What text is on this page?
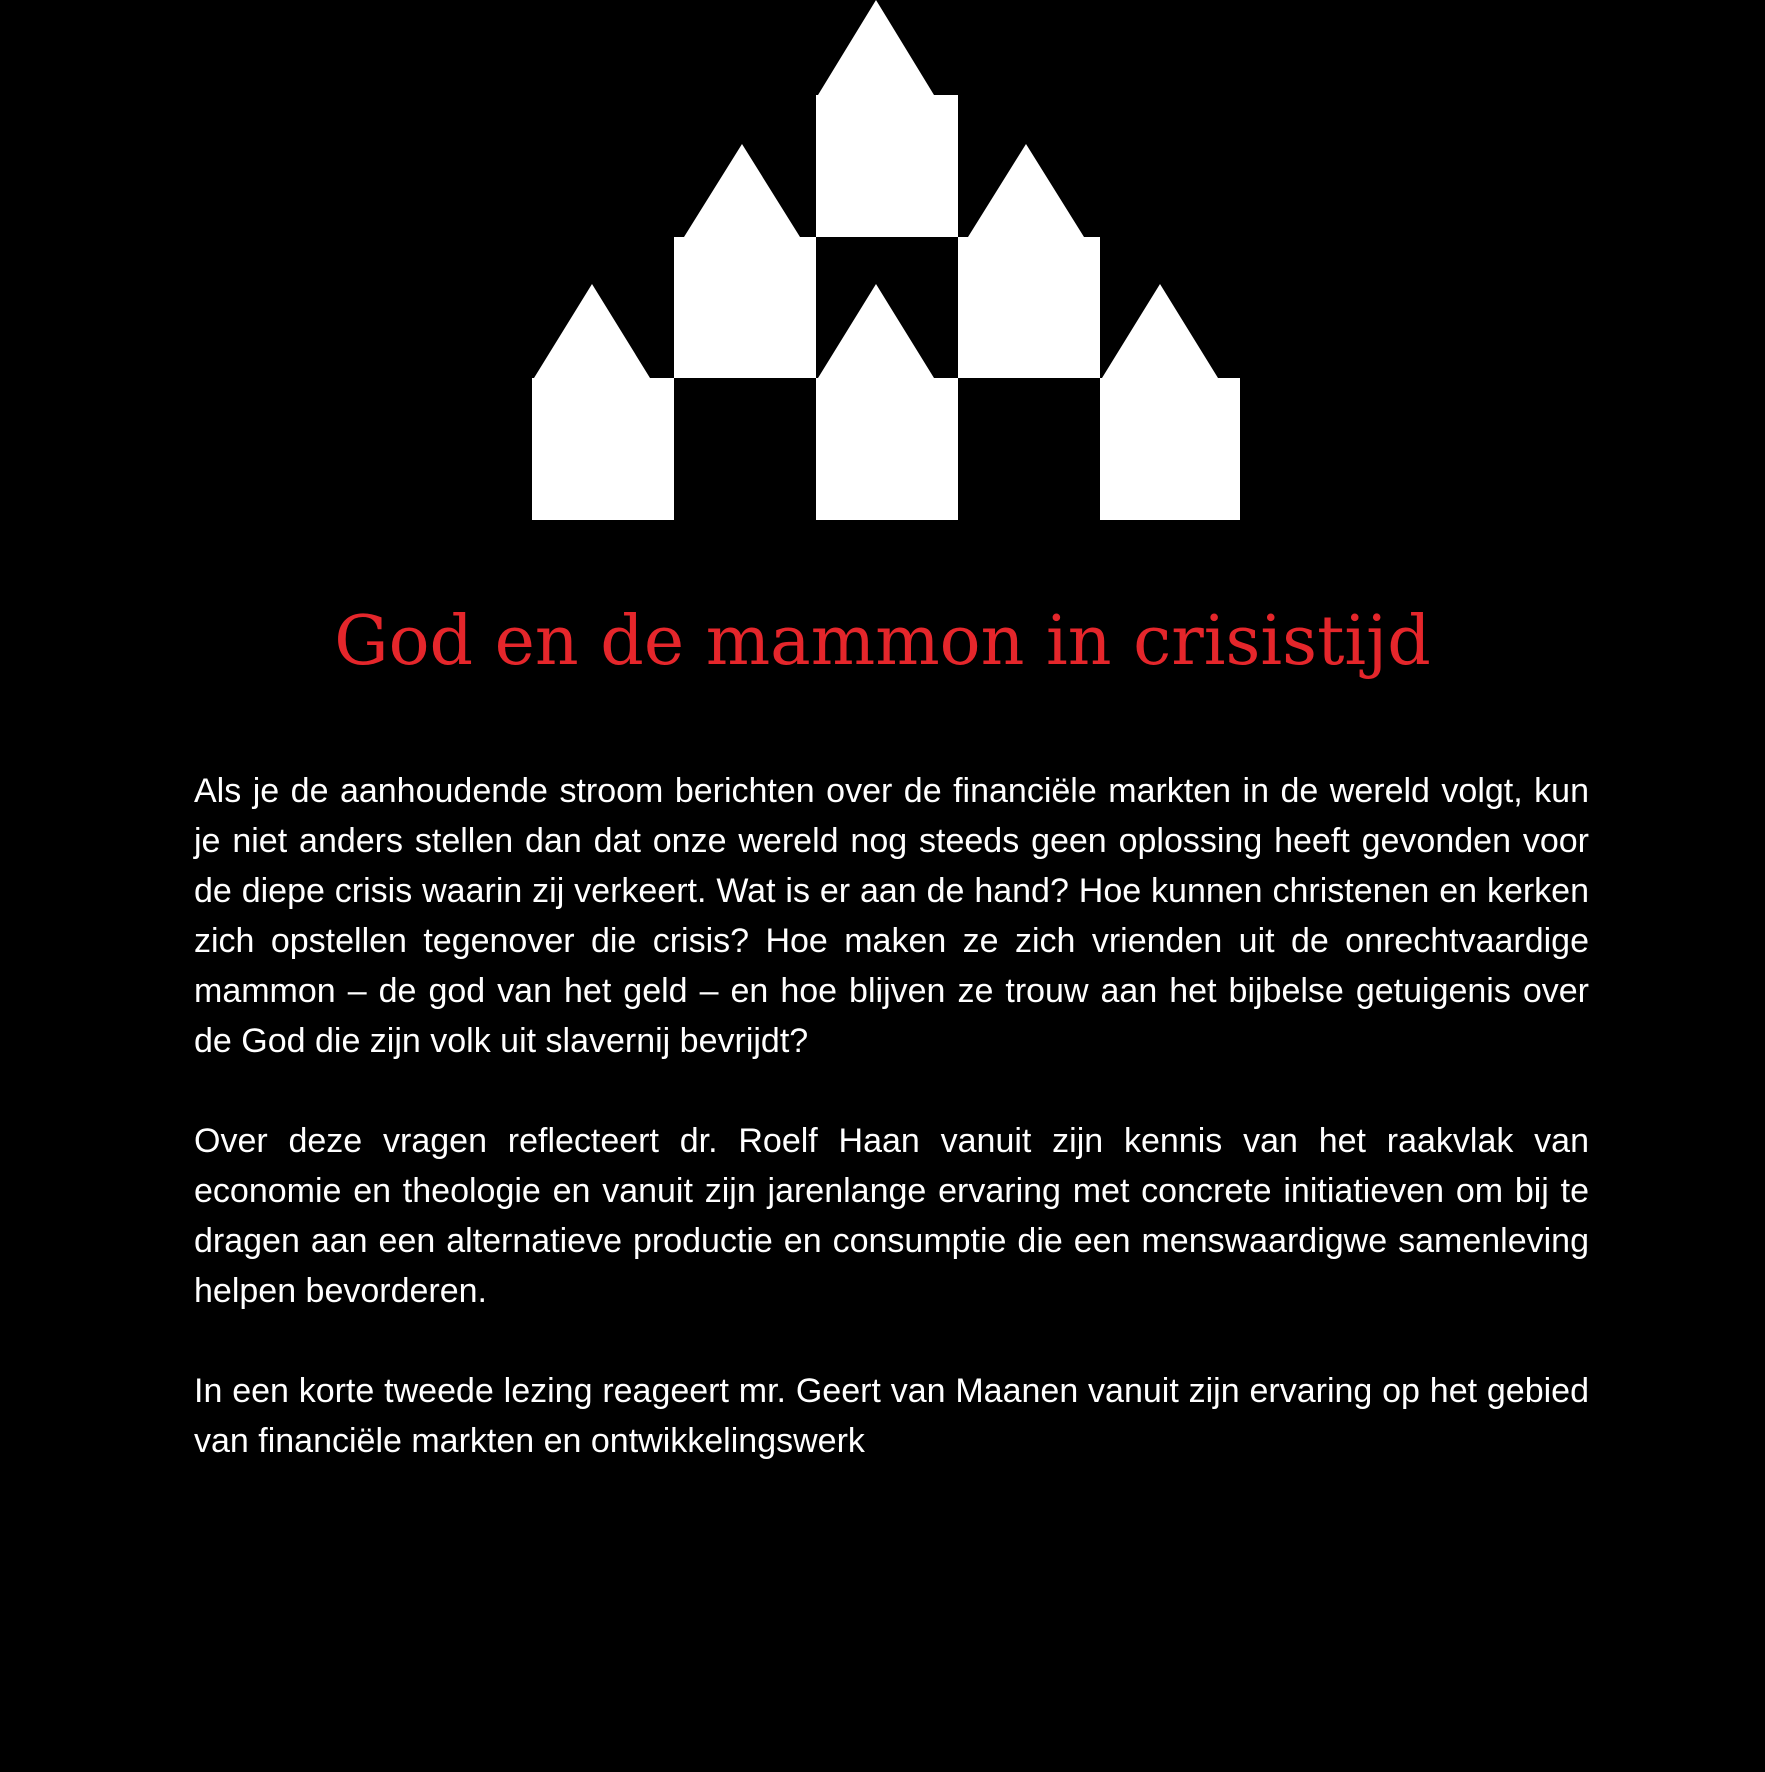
God en de mammon in crisistijd

Als je de aanhoudende stroom berichten over de financiële markten in de wereld volgt, kun je niet anders stellen dan dat onze wereld nog steeds geen oplossing heeft gevonden voor de diepe crisis waarin zij verkeert. Wat is er aan de hand? Hoe kunnen christenen en kerken zich opstellen tegenover die crisis? Hoe maken ze zich vrienden uit de onrechtvaardige mammon – de god van het geld – en hoe blijven ze trouw aan het bijbelse getuigenis over de God die zijn volk uit slavernij bevrijdt?

Over deze vragen reflecteert dr. Roelf Haan vanuit zijn kennis van het raakvlak van economie en theologie en vanuit zijn jarenlange ervaring met concrete initiatieven om bij te dragen aan een alternatieve productie en consumptie die een menswaardigwe samenleving helpen bevorderen.

In een korte tweede lezing reageert mr. Geert van Maanen vanuit zijn ervaring op het gebied van financiële markten en ontwikkelingswerk
